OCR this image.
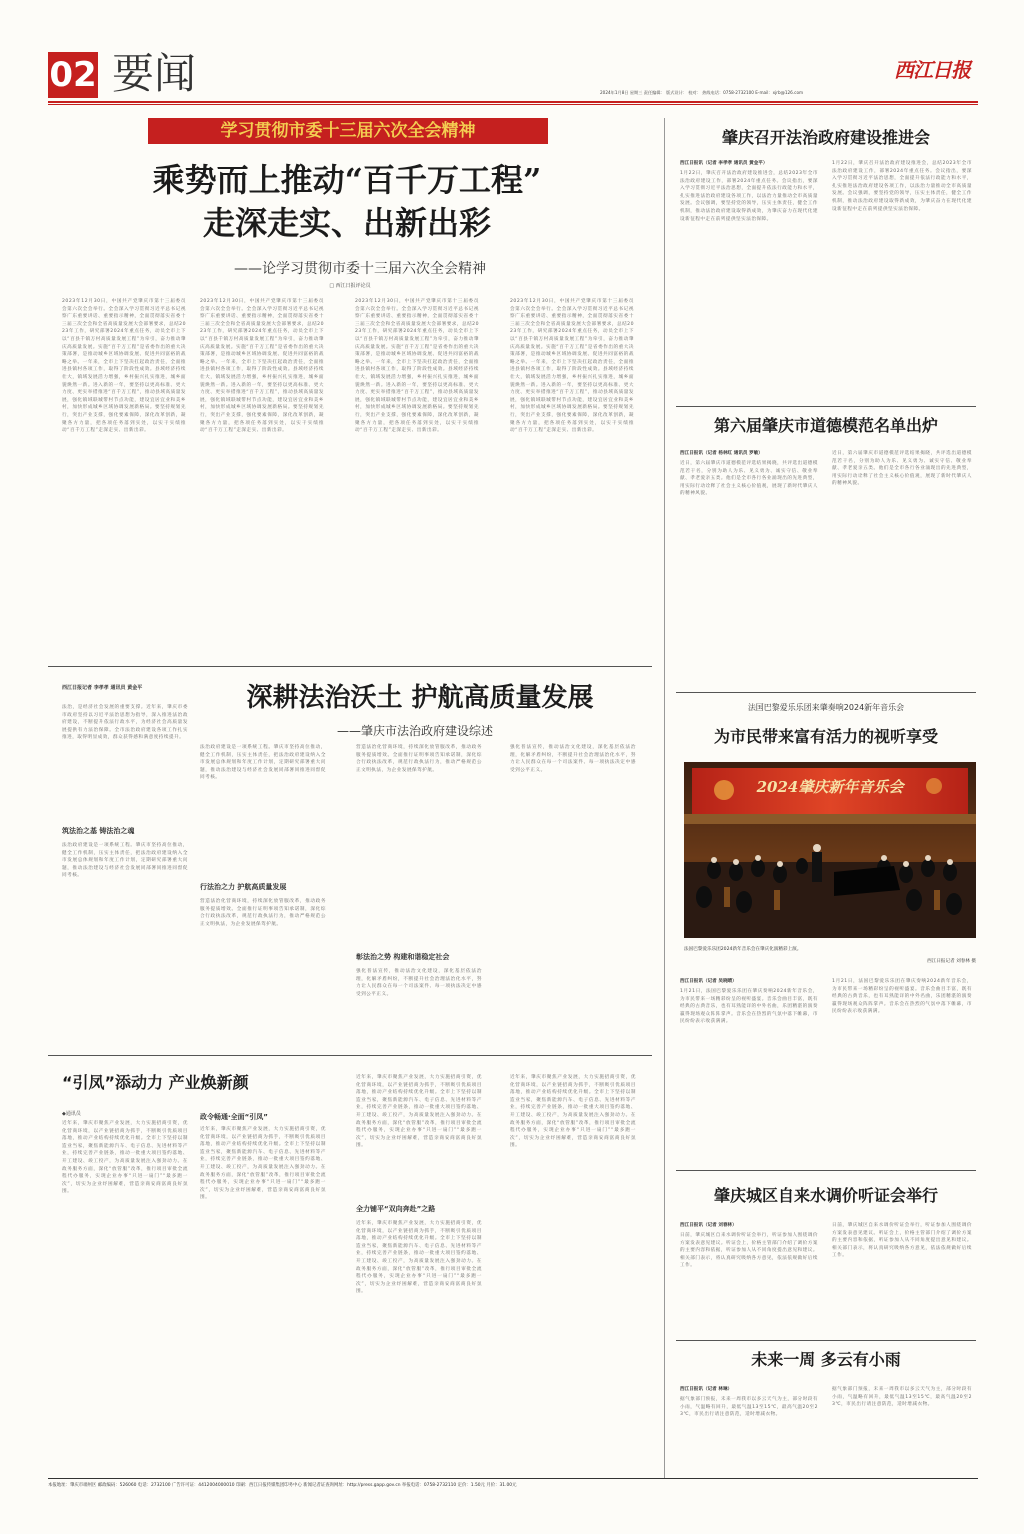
02 要闻	西江日报
2024年1月8日 星期三 责任编辑： 版式设计： 校对： 热线电话：0758-2732100 E-mail：xjrb@126.com
学习贯彻市委十三届六次全会精神
乘势而上推动“百千万工程”
走深走实、出新出彩
——论学习贯彻市委十三届六次全会精神
□ 西江日报评论员
2023年12月30日，中国共产党肇庆市第十三届委员会第六次全会举行。全会深入学习贯彻习近平总书记视察广东重要讲话、重要指示精神，全面贯彻落实省委十三届三次全会和全省高质量发展大会部署要求，总结2023年工作，研究部署2024年重点任务，动员全市上下以“百县千镇万村高质量发展工程”为牵引，奋力推动肇庆高质量发展。实施“百千万工程”是省委作出的重大决策部署，是推动城乡区域协调发展、促进共同富裕的战略之举。一年来，全市上下坚决扛起政治责任，全面推进县镇村各项工作，取得了阶段性成效。县域经济持续壮大，镇域发展活力增强，乡村振兴扎实推进，城乡面貌焕然一新。进入新的一年，要坚持以更高标准、更大力度、更实举措推进“百千万工程”，推动县域高质量发展，强化镇域联城带村节点功能，建设宜居宜业和美乡村，加快形成城乡区域协调发展新格局。要坚持规划先行，突出产业支撑，强化要素保障，深化改革创新，凝聚各方力量，把各项任务落到实处，以实干实绩推动“百千万工程”走深走实、出新出彩。
2023年12月30日，中国共产党肇庆市第十三届委员会第六次全会举行。全会深入学习贯彻习近平总书记视察广东重要讲话、重要指示精神，全面贯彻落实省委十三届三次全会和全省高质量发展大会部署要求，总结2023年工作，研究部署2024年重点任务，动员全市上下以“百县千镇万村高质量发展工程”为牵引，奋力推动肇庆高质量发展。实施“百千万工程”是省委作出的重大决策部署，是推动城乡区域协调发展、促进共同富裕的战略之举。一年来，全市上下坚决扛起政治责任，全面推进县镇村各项工作，取得了阶段性成效。县域经济持续壮大，镇域发展活力增强，乡村振兴扎实推进，城乡面貌焕然一新。进入新的一年，要坚持以更高标准、更大力度、更实举措推进“百千万工程”，推动县域高质量发展，强化镇域联城带村节点功能，建设宜居宜业和美乡村，加快形成城乡区域协调发展新格局。要坚持规划先行，突出产业支撑，强化要素保障，深化改革创新，凝聚各方力量，把各项任务落到实处，以实干实绩推动“百千万工程”走深走实、出新出彩。
2023年12月30日，中国共产党肇庆市第十三届委员会第六次全会举行。全会深入学习贯彻习近平总书记视察广东重要讲话、重要指示精神，全面贯彻落实省委十三届三次全会和全省高质量发展大会部署要求，总结2023年工作，研究部署2024年重点任务，动员全市上下以“百县千镇万村高质量发展工程”为牵引，奋力推动肇庆高质量发展。实施“百千万工程”是省委作出的重大决策部署，是推动城乡区域协调发展、促进共同富裕的战略之举。一年来，全市上下坚决扛起政治责任，全面推进县镇村各项工作，取得了阶段性成效。县域经济持续壮大，镇域发展活力增强，乡村振兴扎实推进，城乡面貌焕然一新。进入新的一年，要坚持以更高标准、更大力度、更实举措推进“百千万工程”，推动县域高质量发展，强化镇域联城带村节点功能，建设宜居宜业和美乡村，加快形成城乡区域协调发展新格局。要坚持规划先行，突出产业支撑，强化要素保障，深化改革创新，凝聚各方力量，把各项任务落到实处，以实干实绩推动“百千万工程”走深走实、出新出彩。
2023年12月30日，中国共产党肇庆市第十三届委员会第六次全会举行。全会深入学习贯彻习近平总书记视察广东重要讲话、重要指示精神，全面贯彻落实省委十三届三次全会和全省高质量发展大会部署要求，总结2023年工作，研究部署2024年重点任务，动员全市上下以“百县千镇万村高质量发展工程”为牵引，奋力推动肇庆高质量发展。实施“百千万工程”是省委作出的重大决策部署，是推动城乡区域协调发展、促进共同富裕的战略之举。一年来，全市上下坚决扛起政治责任，全面推进县镇村各项工作，取得了阶段性成效。县域经济持续壮大，镇域发展活力增强，乡村振兴扎实推进，城乡面貌焕然一新。进入新的一年，要坚持以更高标准、更大力度、更实举措推进“百千万工程”，推动县域高质量发展，强化镇域联城带村节点功能，建设宜居宜业和美乡村，加快形成城乡区域协调发展新格局。要坚持规划先行，突出产业支撑，强化要素保障，深化改革创新，凝聚各方力量，把各项任务落到实处，以实干实绩推动“百千万工程”走深走实、出新出彩。
深耕法治沃土 护航高质量发展
——肇庆市法治政府建设综述
西江日报记者 李孝孝 通讯员 黄金平
法治，是经济社会发展的重要支撑。近年来，肇庆市委市政府坚持以习近平法治思想为指导，深入推进法治政府建设，不断提升依法行政水平，为经济社会高质量发展提供有力法治保障。全市法治政府建设各项工作扎实推进，取得明显成效，群众获得感和满意度持续提升。
筑法治之基 铸法治之魂
法治政府建设是一项系统工程。肇庆市坚持高位推动，健全工作机制，压实主体责任，把法治政府建设纳入全市发展总体规划和年度工作计划，定期研究部署重大问题，推动法治建设与经济社会发展同部署同推进同督促同考核。
法治政府建设是一项系统工程。肇庆市坚持高位推动，健全工作机制，压实主体责任，把法治政府建设纳入全市发展总体规划和年度工作计划，定期研究部署重大问题，推动法治建设与经济社会发展同部署同推进同督促同考核。
行法治之力 护航高质量发展
营造法治化营商环境，持续深化放管服改革，推动政务服务提质增效。全面推行证明事项告知承诺制，深化综合行政执法改革，规范行政执法行为，推动严格规范公正文明执法，为企业发展保驾护航。
营造法治化营商环境，持续深化放管服改革，推动政务服务提质增效。全面推行证明事项告知承诺制，深化综合行政执法改革，规范行政执法行为，推动严格规范公正文明执法，为企业发展保驾护航。
彰法治之势 构建和谐稳定社会
强化普法宣传，推动法治文化建设，深化基层依法治理，化解矛盾纠纷，不断提升社会治理法治化水平，努力让人民群众在每一个司法案件、每一项执法决定中感受到公平正义。
强化普法宣传，推动法治文化建设，深化基层依法治理，化解矛盾纠纷，不断提升社会治理法治化水平，努力让人民群众在每一个司法案件、每一项执法决定中感受到公平正义。
“引凤”添动力 产业焕新颜
◆通讯员
近年来，肇庆市聚焦产业发展，大力实施招商引资，优化营商环境，以产业链招商为抓手，不断吸引优质项目落地，推动产业结构持续优化升级。全市上下坚持以制造业当家，聚焦新能源汽车、电子信息、先进材料等产业，持续完善产业链条，推动一批重大项目签约落地、开工建设、竣工投产，为高质量发展注入强劲动力。在政务服务方面，深化“放管服”改革，推行项目审批全流程代办服务，实现企业办事“只进一扇门”“最多跑一次”，切实为企业纾困解难，营造亲商安商富商良好氛围。
政令畅通·全面“引凤”
近年来，肇庆市聚焦产业发展，大力实施招商引资，优化营商环境，以产业链招商为抓手，不断吸引优质项目落地，推动产业结构持续优化升级。全市上下坚持以制造业当家，聚焦新能源汽车、电子信息、先进材料等产业，持续完善产业链条，推动一批重大项目签约落地、开工建设、竣工投产，为高质量发展注入强劲动力。在政务服务方面，深化“放管服”改革，推行项目审批全流程代办服务，实现企业办事“只进一扇门”“最多跑一次”，切实为企业纾困解难，营造亲商安商富商良好氛围。
近年来，肇庆市聚焦产业发展，大力实施招商引资，优化营商环境，以产业链招商为抓手，不断吸引优质项目落地，推动产业结构持续优化升级。全市上下坚持以制造业当家，聚焦新能源汽车、电子信息、先进材料等产业，持续完善产业链条，推动一批重大项目签约落地、开工建设、竣工投产，为高质量发展注入强劲动力。在政务服务方面，深化“放管服”改革，推行项目审批全流程代办服务，实现企业办事“只进一扇门”“最多跑一次”，切实为企业纾困解难，营造亲商安商富商良好氛围。
全力铺平“双向奔赴”之路
近年来，肇庆市聚焦产业发展，大力实施招商引资，优化营商环境，以产业链招商为抓手，不断吸引优质项目落地，推动产业结构持续优化升级。全市上下坚持以制造业当家，聚焦新能源汽车、电子信息、先进材料等产业，持续完善产业链条，推动一批重大项目签约落地、开工建设、竣工投产，为高质量发展注入强劲动力。在政务服务方面，深化“放管服”改革，推行项目审批全流程代办服务，实现企业办事“只进一扇门”“最多跑一次”，切实为企业纾困解难，营造亲商安商富商良好氛围。
近年来，肇庆市聚焦产业发展，大力实施招商引资，优化营商环境，以产业链招商为抓手，不断吸引优质项目落地，推动产业结构持续优化升级。全市上下坚持以制造业当家，聚焦新能源汽车、电子信息、先进材料等产业，持续完善产业链条，推动一批重大项目签约落地、开工建设、竣工投产，为高质量发展注入强劲动力。在政务服务方面，深化“放管服”改革，推行项目审批全流程代办服务，实现企业办事“只进一扇门”“最多跑一次”，切实为企业纾困解难，营造亲商安商富商良好氛围。
肇庆召开法治政府建设推进会
西江日报讯（记者 李孝孝 通讯员 黄金平）
1月22日，肇庆召开法治政府建设推进会，总结2023年全市法治政府建设工作，部署2024年重点任务。会议指出，要深入学习贯彻习近平法治思想，全面提升依法行政能力和水平，扎实推进法治政府建设各项工作，以法治力量推动全市高质量发展。会议强调，要坚持党的领导，压实主体责任，健全工作机制，推动法治政府建设取得新成效，为肇庆奋力在现代化建设新征程中走在前列提供坚实法治保障。
1月22日，肇庆召开法治政府建设推进会，总结2023年全市法治政府建设工作，部署2024年重点任务。会议指出，要深入学习贯彻习近平法治思想，全面提升依法行政能力和水平，扎实推进法治政府建设各项工作，以法治力量推动全市高质量发展。会议强调，要坚持党的领导，压实主体责任，健全工作机制，推动法治政府建设取得新成效，为肇庆奋力在现代化建设新征程中走在前列提供坚实法治保障。
第六届肇庆市道德模范名单出炉
西江日报讯（记者 杨林红 通讯员 罗敏）
近日，第六届肇庆市道德模范评选结果揭晓，共评选出道德模范若干名，分别为助人为乐、见义勇为、诚实守信、敬业奉献、孝老爱亲五类。他们是全市各行各业涌现出的先进典型，用实际行动诠释了社会主义核心价值观，展现了新时代肇庆人的精神风貌。
近日，第六届肇庆市道德模范评选结果揭晓，共评选出道德模范若干名，分别为助人为乐、见义勇为、诚实守信、敬业奉献、孝老爱亲五类。他们是全市各行各业涌现出的先进典型，用实际行动诠释了社会主义核心价值观，展现了新时代肇庆人的精神风貌。
法国巴黎爱乐乐团来肇奏响2024新年音乐会
为市民带来富有活力的视听享受
2024肇庆新年音乐会
法国巴黎爱乐乐团2024新年音乐会在肇庆化演精彩上演。
西江日报记者 刘春林 摄
西江日报讯（记者 吴晓晴）
1月21日，法国巴黎爱乐乐团在肇庆奏响2024新年音乐会，为市民带来一场精彩纷呈的视听盛宴。音乐会曲目丰富，既有经典的古典音乐，也有耳熟能详的中外名曲，乐团精湛的演奏赢得现场观众阵阵掌声。音乐会在热烈的气氛中落下帷幕，市民纷纷表示收获满满。
1月21日，法国巴黎爱乐乐团在肇庆奏响2024新年音乐会，为市民带来一场精彩纷呈的视听盛宴。音乐会曲目丰富，既有经典的古典音乐，也有耳熟能详的中外名曲，乐团精湛的演奏赢得现场观众阵阵掌声。音乐会在热烈的气氛中落下帷幕，市民纷纷表示收获满满。
肇庆城区自来水调价听证会举行
西江日报讯（记者 刘春林）
日前，肇庆城区自来水调价听证会举行，听证参加人围绕调价方案发表意见建议。听证会上，价格主管部门介绍了调价方案的主要内容和依据，听证参加人从不同角度提出意见和建议。相关部门表示，将认真研究吸纳各方意见，依法依规做好后续工作。
日前，肇庆城区自来水调价听证会举行，听证参加人围绕调价方案发表意见建议。听证会上，价格主管部门介绍了调价方案的主要内容和依据，听证参加人从不同角度提出意见和建议。相关部门表示，将认真研究吸纳各方意见，依法依规做好后续工作。
未来一周 多云有小雨
西江日报讯（记者 林琳）
据气象部门预报，未来一周我市以多云天气为主，部分时段有小雨，气温略有回升，最低气温13至15℃，最高气温20至23℃，市民出行请注意防范，适时增减衣物。
据气象部门预报，未来一周我市以多云天气为主，部分时段有小雨，气温略有回升，最低气温13至15℃，最高气温20至23℃，市民出行请注意防范，适时增减衣物。
本报地址：肇庆市端州区 邮政编码：526060 电话：2732100 广告许可证：4412004000010 印刷：西江日报传媒集团印务中心 新闻记者证查询网址：http://press.gapp.gov.cn 举报电话：0758-2732110 定价：1.50元 月价：31.00元
